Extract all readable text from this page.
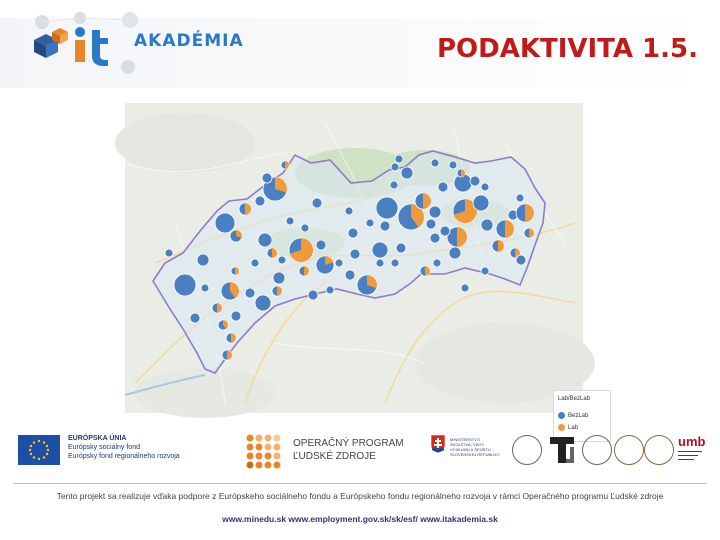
AKADÉMIA	PODAKTIVITA 1.5.
Lab/BezLab
BezLab
Lab
EURÓPSKA ÚNIA
Európsky sociálny fond
Európsky fond regionálneho rozvoja
OPERAČNÝ PROGRAM
ĽUDSKÉ ZDROJE
MINISTERSTVO
ŠKOLSTVA, VEDY,
VÝSKUMU A ŠPORTU
SLOVENSKEJ REPUBLIKY
umb
Tento projekt sa realizuje vďaka podpore z Európskeho sociálneho fondu a Európskeho fondu regionálneho rozvoja v rámci Operačného programu Ľudské zdroje
www.minedu.sk www.employment.gov.sk/sk/esf/ www.itakademia.sk
